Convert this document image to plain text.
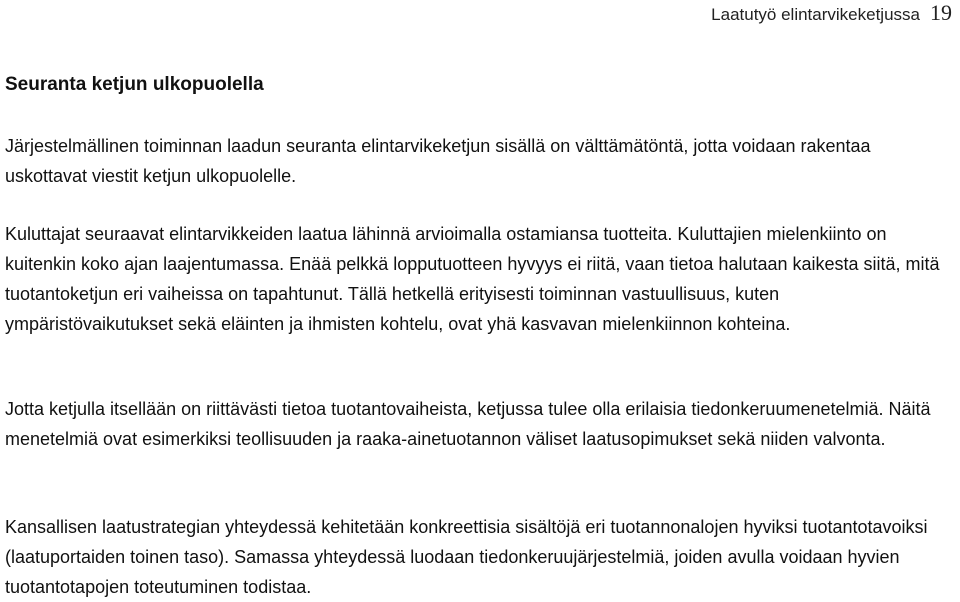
Laatutyö elintarvikeketjussa 19
Seuranta ketjun ulkopuolella

Järjestelmällinen toiminnan laadun seuranta elintarvikeketjun sisällä on välttämätöntä, jotta voidaan rakentaa uskottavat viestit ketjun ulkopuolelle.

Kuluttajat seuraavat elintarvikkeiden laatua lähinnä arvioimalla ostamiansa tuotteita. Kuluttajien mielenkiinto on kuitenkin koko ajan laajentumassa. Enää pelkkä lopputuotteen hyvyys ei riitä, vaan tietoa halutaan kaikesta siitä, mitä tuotantoketjun eri vaiheissa on tapahtunut. Tällä hetkellä erityisesti toiminnan vastuullisuus, kuten ympäristövaikutukset sekä eläinten ja ihmisten kohtelu, ovat yhä kasvavan mielenkiinnon kohteina.

Jotta ketjulla itsellään on riittävästi tietoa tuotantovaiheista, ketjussa tulee olla erilaisia tiedonkeruumenetelmiä. Näitä menetelmiä ovat esimerkiksi teollisuuden ja raaka-ainetuotannon väliset laatusopimukset sekä niiden valvonta.

Kansallisen laatustrategian yhteydessä kehitetään konkreettisia sisältöjä eri tuotannonalojen hyviksi tuotantotavoiksi (laatuportaiden toinen taso). Samassa yhteydessä luodaan tiedonkeruujärjestelmiä, joiden avulla voidaan hyvien tuotantotapojen toteutuminen todistaa.
